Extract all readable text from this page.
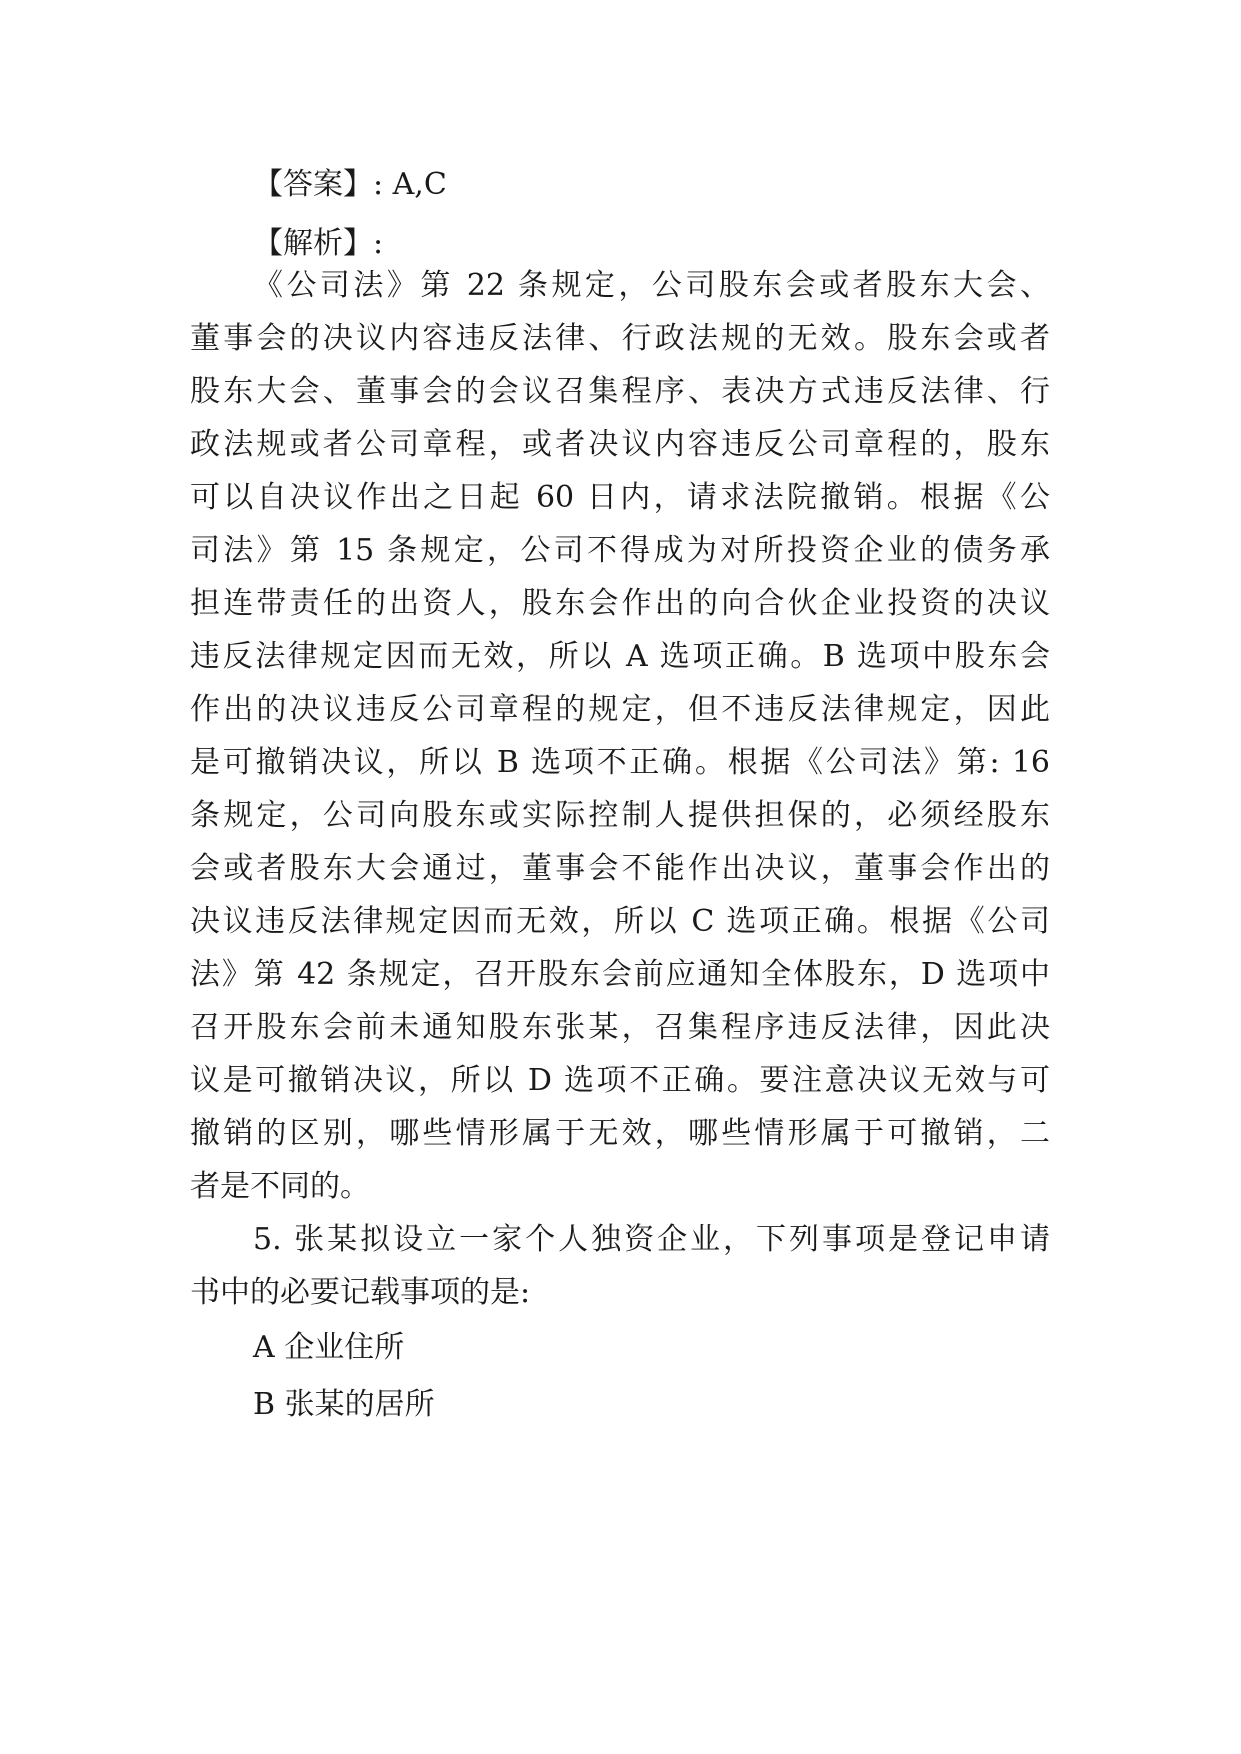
【答案】: A,C
【解析】:
《公司法》第 22 条规定，公司股东会或者股东大会、
董事会的决议内容违反法律、行政法规的无效。股东会或者
股东大会、董事会的会议召集程序、表决方式违反法律、行
政法规或者公司章程，或者决议内容违反公司章程的，股东
可以自决议作出之日起 60 日内，请求法院撤销。根据《公
司法》第 15 条规定，公司不得成为对所投资企业的债务承
担连带责任的出资人，股东会作出的向合伙企业投资的决议
违反法律规定因而无效，所以 A 选项正确。B 选项中股东会
作出的决议违反公司章程的规定，但不违反法律规定，因此
是可撤销决议，所以 B 选项不正确。根据《公司法》第: 16
条规定，公司向股东或实际控制人提供担保的，必须经股东
会或者股东大会通过，董事会不能作出决议，董事会作出的
决议违反法律规定因而无效，所以 C 选项正确。根据《公司
法》第 42 条规定，召开股东会前应通知全体股东，D 选项中
召开股东会前未通知股东张某，召集程序违反法律，因此决
议是可撤销决议，所以 D 选项不正确。要注意决议无效与可
撤销的区别，哪些情形属于无效，哪些情形属于可撤销，二
者是不同的。
5. 张某拟设立一家个人独资企业，下列事项是登记申请
书中的必要记载事项的是:
A 企业住所
B 张某的居所
